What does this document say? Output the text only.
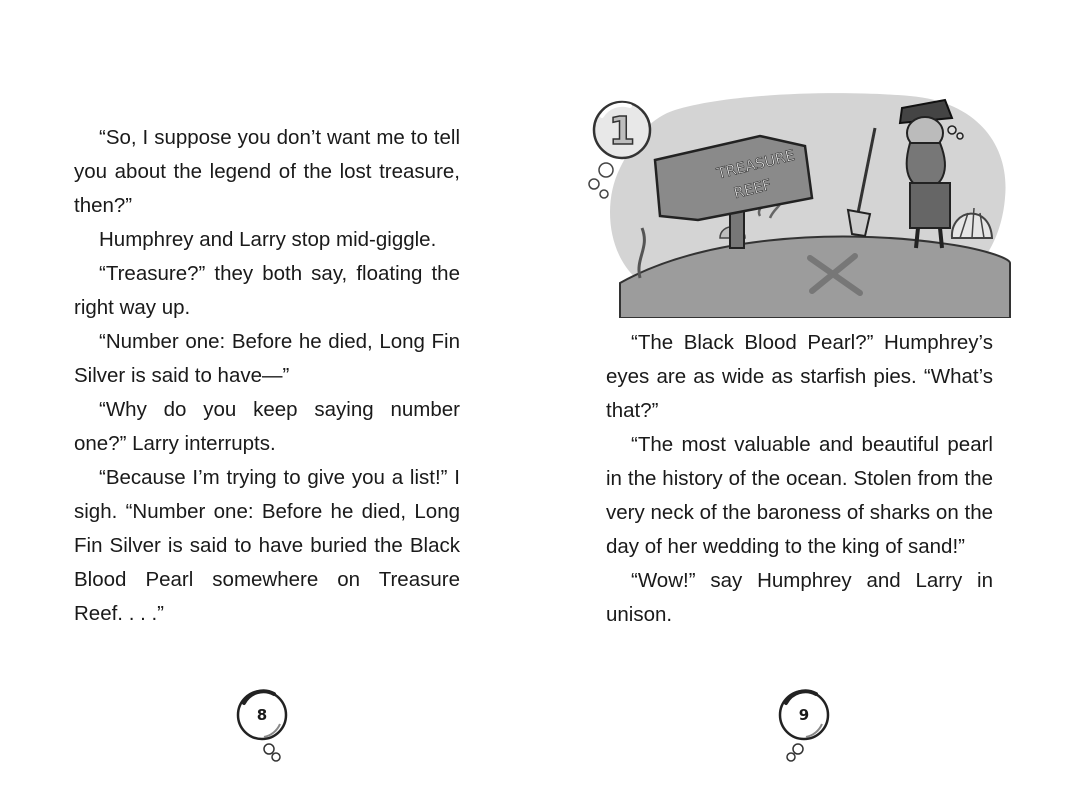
“So, I suppose you don’t want me to tell you about the legend of the lost treasure, then?”

Humphrey and Larry stop mid-giggle.

“Treasure?” they both say, floating the right way up.

“Number one: Before he died, Long Fin Silver is said to have—”

“Why do you keep saying number one?” Larry interrupts.

“Because I’m trying to give you a list!” I sigh. “Number one: Before he died, Long Fin Silver is said to have buried the Black Blood Pearl somewhere on Treasure Reef. . . .”

8
TREASURE
REEF
1

“The Black Blood Pearl?” Humphrey’s eyes are as wide as starfish pies. “What’s that?”

“The most valuable and beautiful pearl in the history of the ocean. Stolen from the very neck of the baroness of sharks on the day of her wedding to the king of sand!”

“Wow!” say Humphrey and Larry in unison.

9
